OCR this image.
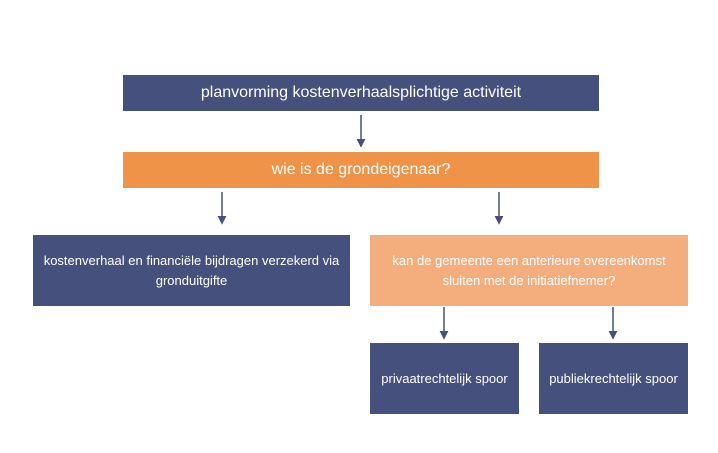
planvorming kostenverhaalsplichtige activiteit
wie is de grondeigenaar?
kostenverhaal en financiële bijdragen verzekerd via gronduitgifte
kan de gemeente een anterieure overeenkomst sluiten met de initiatiefnemer?
privaatrechtelijk spoor	publiekrechtelijk spoor
